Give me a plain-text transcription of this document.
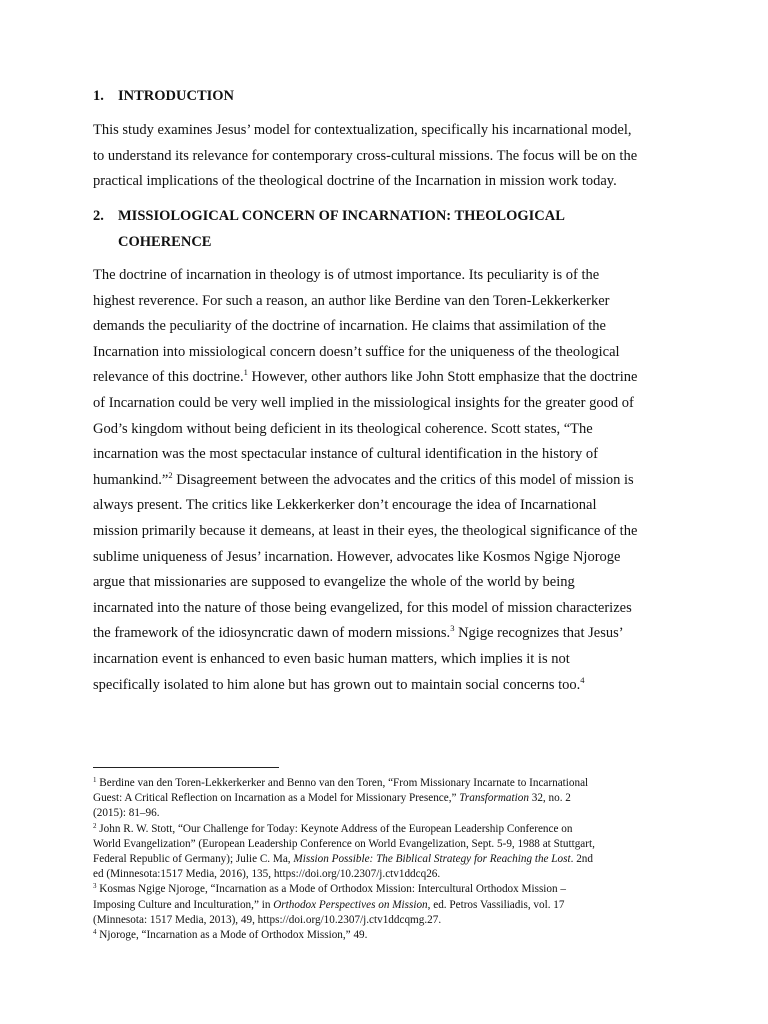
1. INTRODUCTION
This study examines Jesus’ model for contextualization, specifically his incarnational model,
to understand its relevance for contemporary cross-cultural missions. The focus will be on the
practical implications of the theological doctrine of the Incarnation in mission work today.
2. MISSIOLOGICAL CONCERN OF INCARNATION: THEOLOGICAL
COHERENCE
The doctrine of incarnation in theology is of utmost importance. Its peculiarity is of the
highest reverence. For such a reason, an author like Berdine van den Toren-Lekkerkerker
demands the peculiarity of the doctrine of incarnation. He claims that assimilation of the
Incarnation into missiological concern doesn’t suffice for the uniqueness of the theological
relevance of this doctrine.$^1$ However, other authors like John Stott emphasize that the doctrine
of Incarnation could be very well implied in the missiological insights for the greater good of
God’s kingdom without being deficient in its theological coherence. Scott states, “The
incarnation was the most spectacular instance of cultural identification in the history of
humankind.”$^2$ Disagreement between the advocates and the critics of this model of mission is
always present. The critics like Lekkerkerker don’t encourage the idea of Incarnational
mission primarily because it demeans, at least in their eyes, the theological significance of the
sublime uniqueness of Jesus’ incarnation. However, advocates like Kosmos Ngige Njoroge
argue that missionaries are supposed to evangelize the whole of the world by being
incarnated into the nature of those being evangelized, for this model of mission characterizes
the framework of the idiosyncratic dawn of modern missions.$^3$ Ngige recognizes that Jesus’
incarnation event is enhanced to even basic human matters, which implies it is not
specifically isolated to him alone but has grown out to maintain social concerns too.$^4$
$^1$ Berdine van den Toren-Lekkerkerker and Benno van den Toren, “From Missionary Incarnate to Incarnational
Guest: A Critical Reflection on Incarnation as a Model for Missionary Presence,” Transformation 32, no. 2
(2015): 81–96.
$^2$ John R. W. Stott, “Our Challenge for Today: Keynote Address of the European Leadership Conference on
World Evangelization” (European Leadership Conference on World Evangelization, Sept. 5-9, 1988 at Stuttgart,
Federal Republic of Germany); Julie C. Ma, Mission Possible: The Biblical Strategy for Reaching the Lost. 2nd
ed (Minnesota:1517 Media, 2016), 135, https://doi.org/10.2307/j.ctv1ddcq26.
$^3$ Kosmas Ngige Njoroge, “Incarnation as a Mode of Orthodox Mission: Intercultural Orthodox Mission –
Imposing Culture and Inculturation,” in Orthodox Perspectives on Mission, ed. Petros Vassiliadis, vol. 17
(Minnesota: 1517 Media, 2013), 49, https://doi.org/10.2307/j.ctv1ddcqmg.27.
$^4$ Njoroge, “Incarnation as a Mode of Orthodox Mission,” 49.
